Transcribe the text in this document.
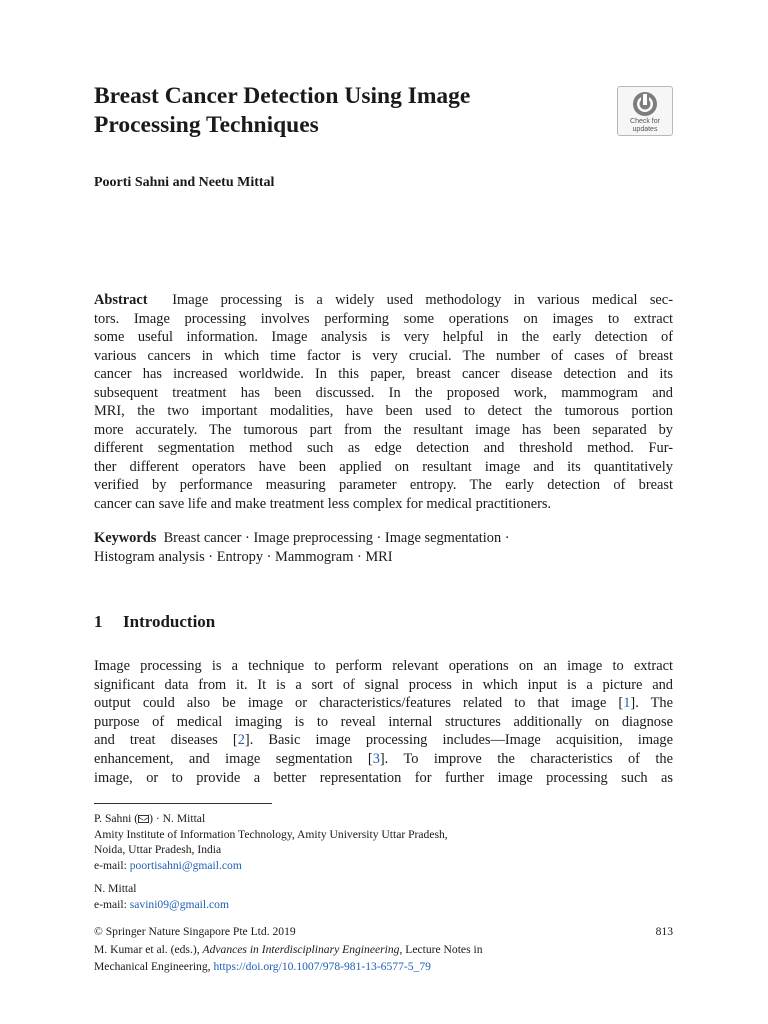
Breast Cancer Detection Using Image
Processing Techniques	Check for
updates
Poorti Sahni and Neetu Mittal
Abstract Image processing is a widely used methodology in various medical sec-
tors. Image processing involves performing some operations on images to extract
some useful information. Image analysis is very helpful in the early detection of
various cancers in which time factor is very crucial. The number of cases of breast
cancer has increased worldwide. In this paper, breast cancer disease detection and its
subsequent treatment has been discussed. In the proposed work, mammogram and
MRI, the two important modalities, have been used to detect the tumorous portion
more accurately. The tumorous part from the resultant image has been separated by
different segmentation method such as edge detection and threshold method. Fur-
ther different operators have been applied on resultant image and its quantitatively
verified by performance measuring parameter entropy. The early detection of breast
cancer can save life and make treatment less complex for medical practitioners.
Keywords Breast cancer · Image preprocessing · Image segmentation ·
Histogram analysis · Entropy · Mammogram · MRI
1 Introduction
Image processing is a technique to perform relevant operations on an image to extract
significant data from it. It is a sort of signal process in which input is a picture and
output could also be image or characteristics/features related to that image [1]. The
purpose of medical imaging is to reveal internal structures additionally on diagnose
and treat diseases [2]. Basic image processing includes—Image acquisition, image
enhancement, and image segmentation [3]. To improve the characteristics of the
image, or to provide a better representation for further image processing such as
P. Sahni ( ) · N. Mittal
Amity Institute of Information Technology, Amity University Uttar Pradesh,
Noida, Uttar Pradesh, India
e-mail: poortisahni@gmail.com
N. Mittal
e-mail: savini09@gmail.com
© Springer Nature Singapore Pte Ltd. 2019
M. Kumar et al. (eds.), Advances in Interdisciplinary Engineering, Lecture Notes in
Mechanical Engineering, https://doi.org/10.1007/978-981-13-6577-5_79
813
